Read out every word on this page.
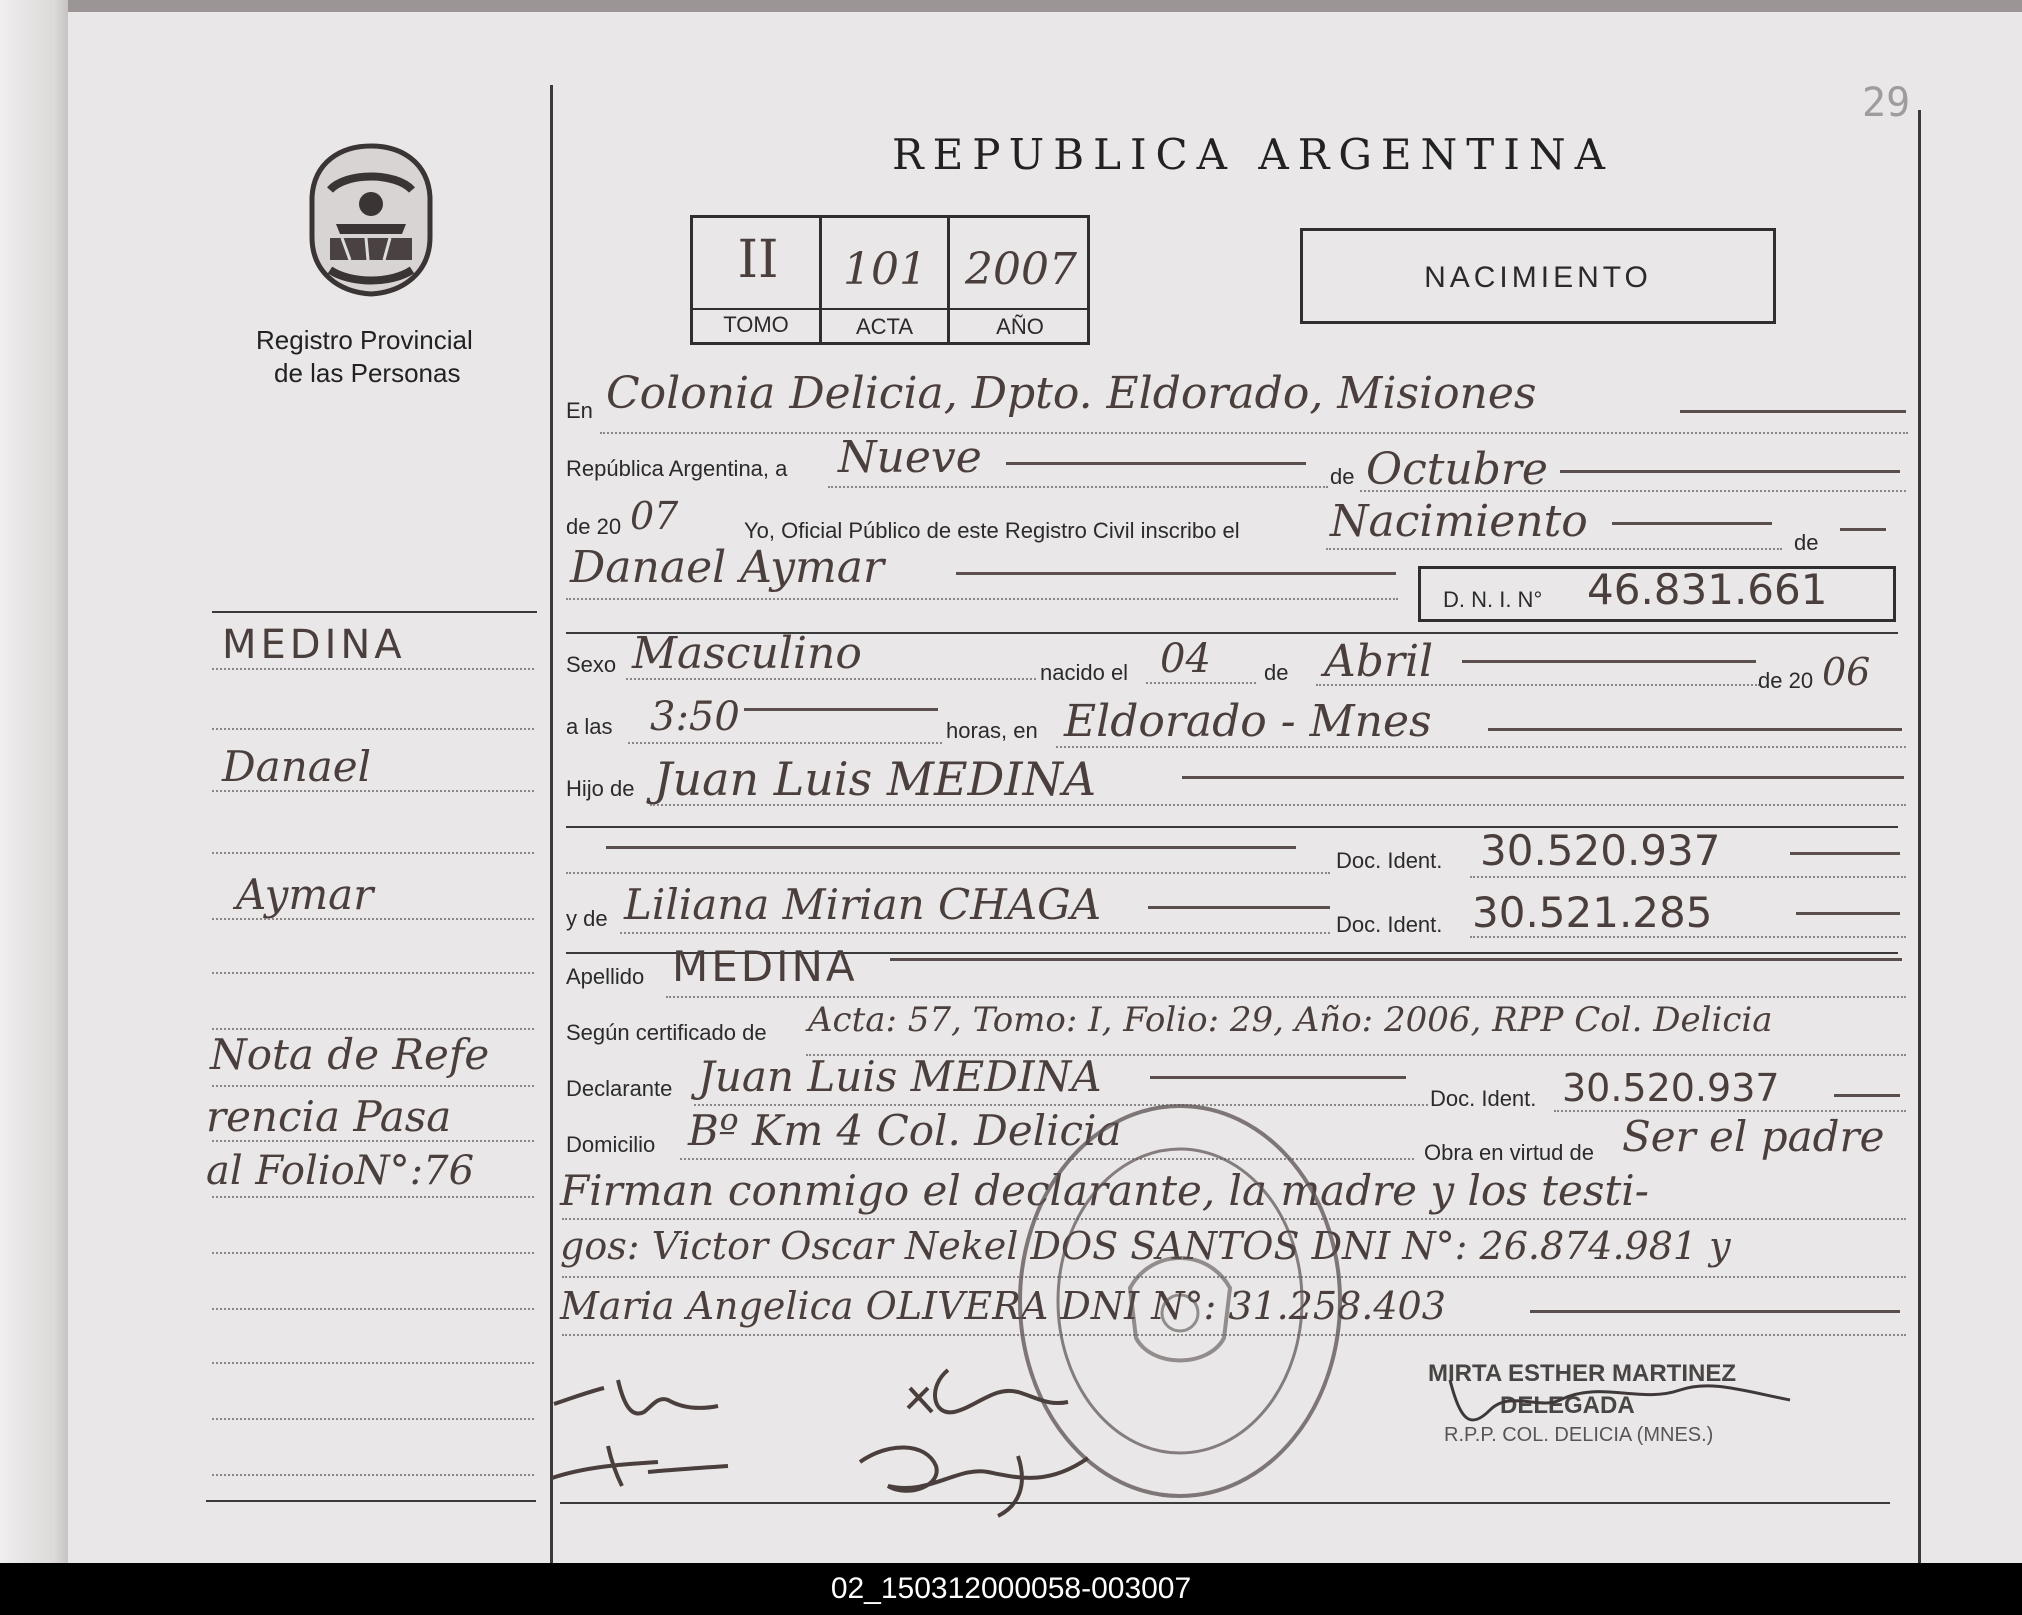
29
Registro Provincial
de las Personas
MEDINA
Danael
Aymar
Nota de Refe
rencia Pasa
al FolioN°:76
REPUBLICA ARGENTINA
II	101 2007
TOMO	ACTA	AÑO
NACIMIENTO
En Colonia Delicia, Dpto. Eldorado, Misiones
República Argentina, a Nueve	de Octubre
de 20 07	Yo, Oficial Público de este Registro Civil inscribo el Nacimiento	de
Danael Aymar
D. N. I. N° 46.831.661
Sexo Masculino	nacido el 04 de Abril	de 20 06
a las 3:50	horas, en Eldorado - Mnes
Hijo de Juan Luis MEDINA
Doc. Ident. 30.520.937
y de Liliana Mirian CHAGA	Doc. Ident. 30.521.285
Apellido MEDINA
Según certificado de Acta: 57, Tomo: I, Folio: 29, Año: 2006, RPP Col. Delicia
Declarante Juan Luis MEDINA	Doc. Ident. 30.520.937
Domicilio Bº Km 4 Col. Delicia	Obra en virtud de Ser el padre
Firman conmigo el declarante, la madre y los testi-
gos: Victor Oscar Nekel DOS SANTOS DNI N°: 26.874.981 y
Maria Angelica OLIVERA DNI N°: 31.258.403
MIRTA ESTHER MARTINEZ
DELEGADA
R.P.P. COL. DELICIA (MNES.)
02_150312000058-003007
